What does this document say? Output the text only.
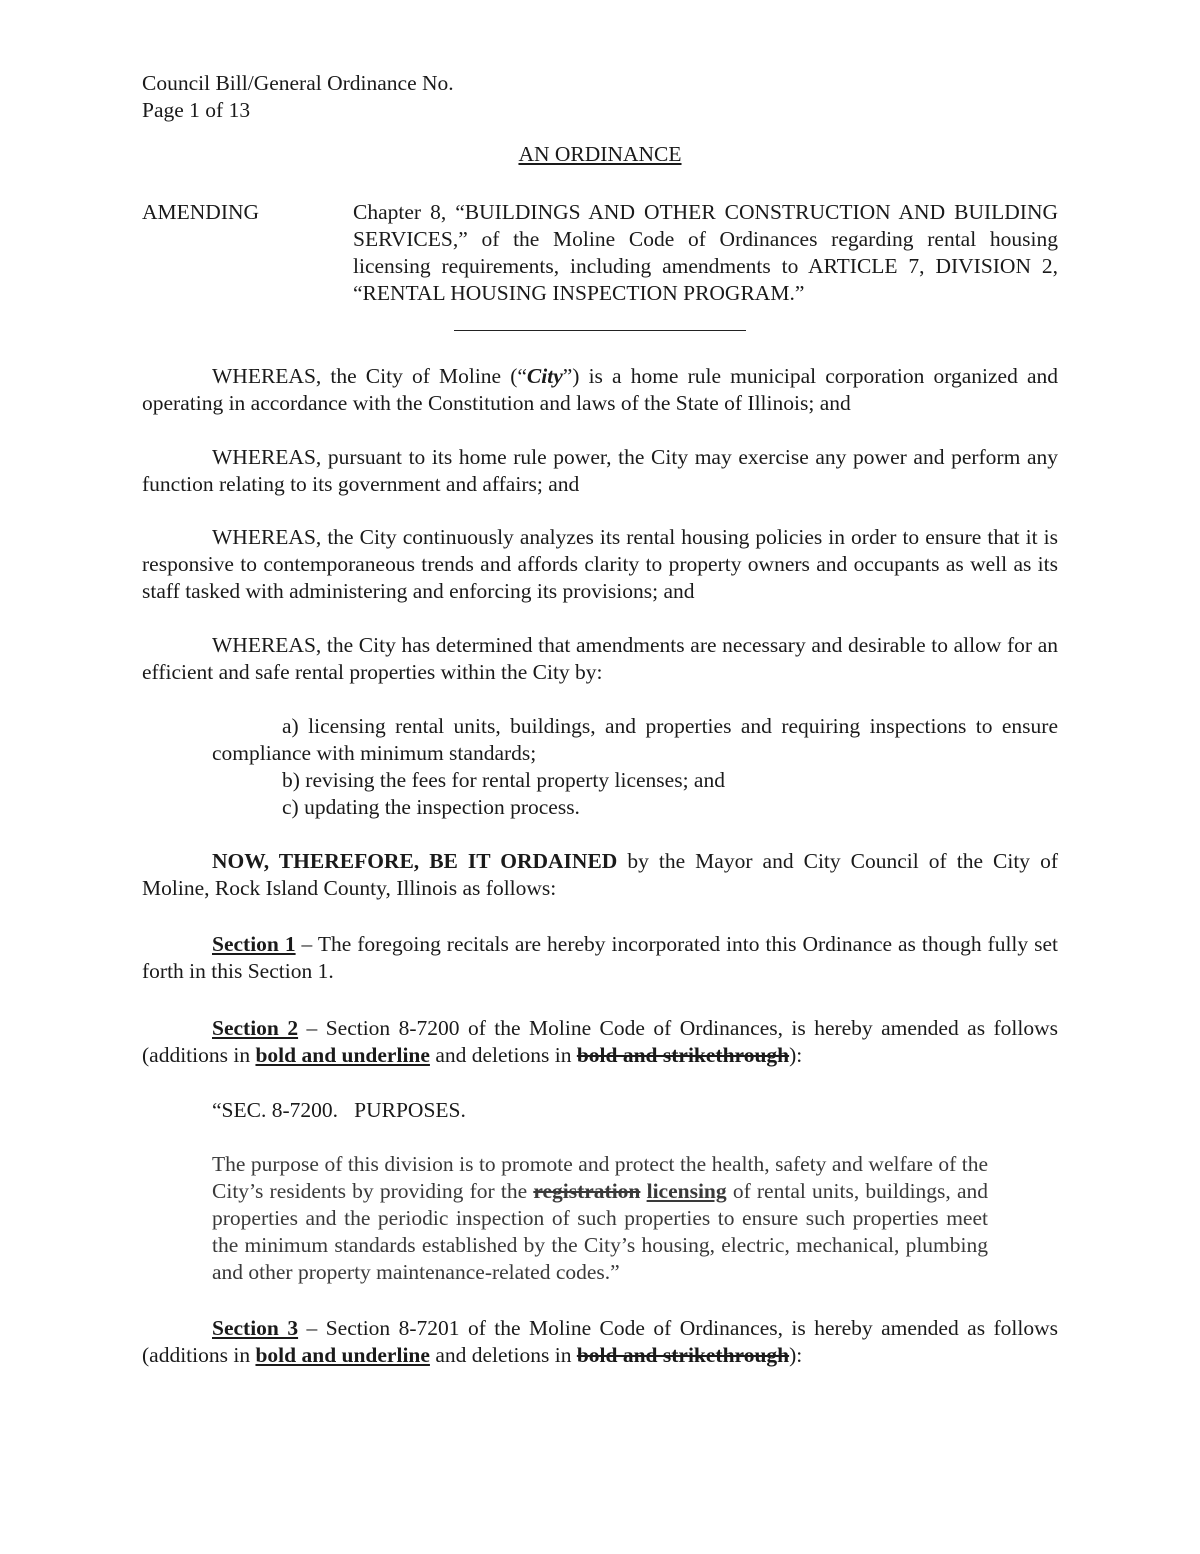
Council Bill/General Ordinance No.
Page 1 of 13
AN ORDINANCE
AMENDING	Chapter 8, “BUILDINGS AND OTHER CONSTRUCTION AND BUILDING SERVICES,” of the Moline Code of Ordinances regarding rental housing licensing requirements, including amendments to ARTICLE 7, DIVISION 2, “RENTAL HOUSING INSPECTION PROGRAM.”
WHEREAS, the City of Moline (“City”) is a home rule municipal corporation organized and operating in accordance with the Constitution and laws of the State of Illinois; and
WHEREAS, pursuant to its home rule power, the City may exercise any power and perform any function relating to its government and affairs; and
WHEREAS, the City continuously analyzes its rental housing policies in order to ensure that it is responsive to contemporaneous trends and affords clarity to property owners and occupants as well as its staff tasked with administering and enforcing its provisions; and
WHEREAS, the City has determined that amendments are necessary and desirable to allow for an efficient and safe rental properties within the City by:
a) licensing rental units, buildings, and properties and requiring inspections to ensure compliance with minimum standards;
b) revising the fees for rental property licenses; and
c) updating the inspection process.
NOW, THEREFORE, BE IT ORDAINED by the Mayor and City Council of the City of Moline, Rock Island County, Illinois as follows:
Section 1 – The foregoing recitals are hereby incorporated into this Ordinance as though fully set forth in this Section 1.
Section 2 – Section 8-7200 of the Moline Code of Ordinances, is hereby amended as follows (additions in bold and underline and deletions in bold and strikethrough):
“SEC. 8-7200.   PURPOSES.
The purpose of this division is to promote and protect the health, safety and welfare of the City’s residents by providing for the registration licensing of rental units, buildings, and properties and the periodic inspection of such properties to ensure such properties meet the minimum standards established by the City’s housing, electric, mechanical, plumbing and other property maintenance-related codes.”
Section 3 – Section 8-7201 of the Moline Code of Ordinances, is hereby amended as follows (additions in bold and underline and deletions in bold and strikethrough):
